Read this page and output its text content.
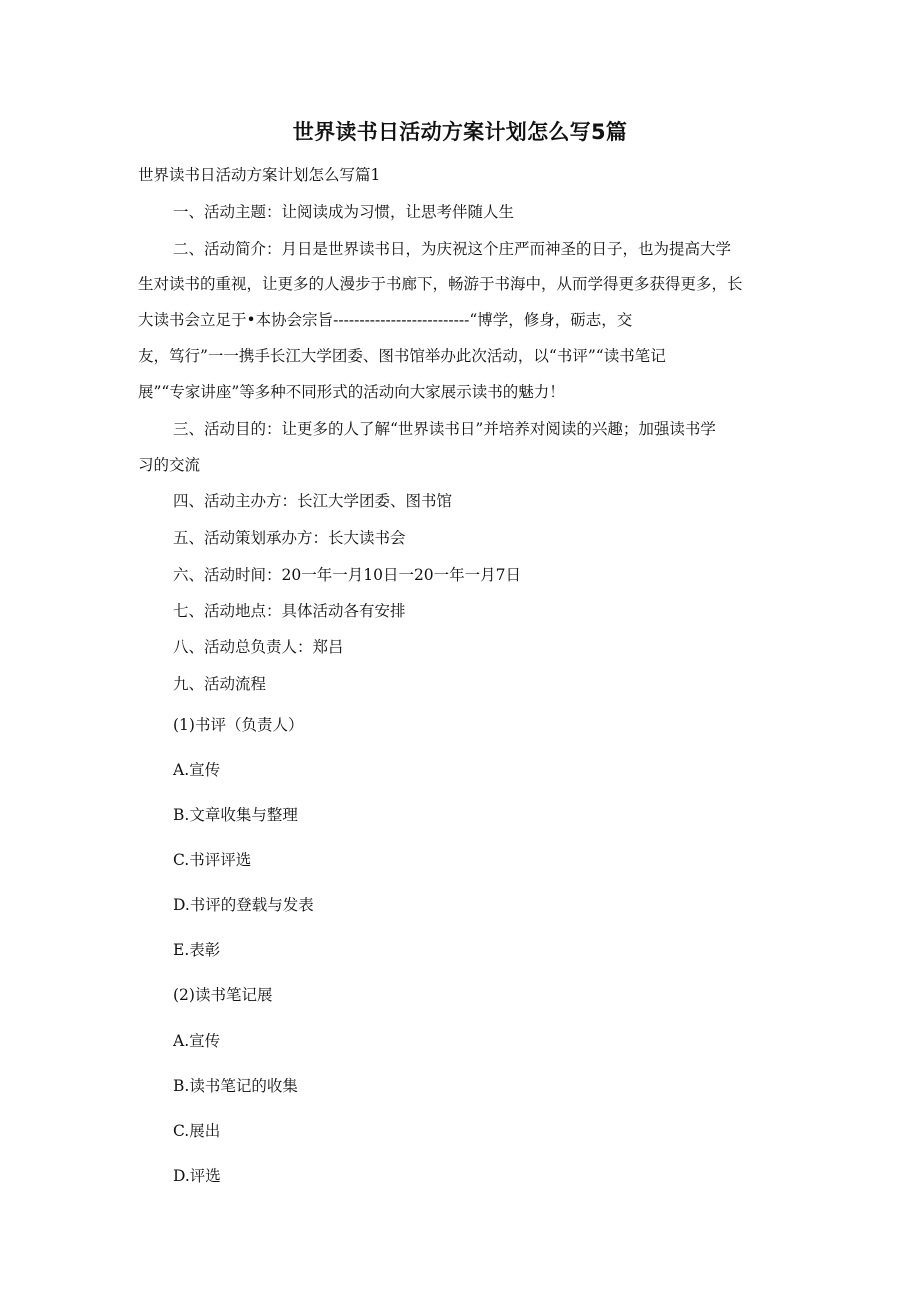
世界读书日活动方案计划怎么写5篇
世界读书日活动方案计划怎么写篇1
一、活动主题：让阅读成为习惯，让思考伴随人生
二、活动简介：月日是世界读书日，为庆祝这个庄严而神圣的日子，也为提高大学
生对读书的重视，让更多的人漫步于书廊下，畅游于书海中，从而学得更多获得更多，长
大读书会立足于•本协会宗旨--------------------------“博学，修身，砺志，交
友，笃行”一一携手长江大学团委、图书馆举办此次活动，以“书评”“读书笔记
展”“专家讲座”等多种不同形式的活动向大家展示读书的魅力！
三、活动目的：让更多的人了解“世界读书日”并培养对阅读的兴趣；加强读书学
习的交流
四、活动主办方：长江大学团委、图书馆
五、活动策划承办方：长大读书会
六、活动时间：20一年一月10日一20一年一月7日
七、活动地点：具体活动各有安排
八、活动总负责人：郑吕
九、活动流程
(1)书评（负责人）
A.宣传
B.文章收集与整理
C.书评评选
D.书评的登载与发表
E.表彰
(2)读书笔记展
A.宣传
B.读书笔记的收集
C.展出
D.评选
